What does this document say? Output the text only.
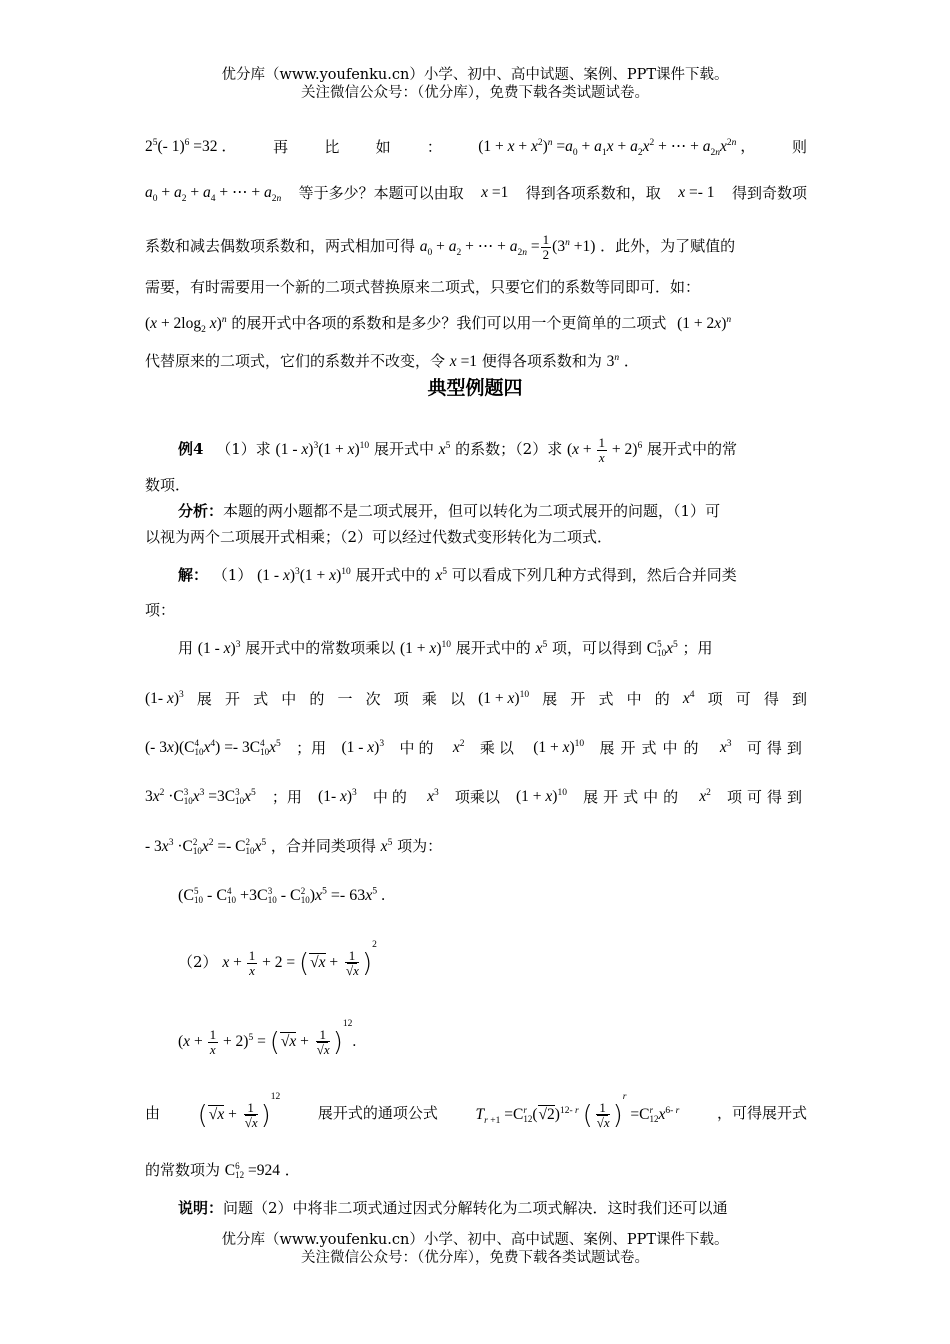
优分库（www.youfenku.cn）小学、初中、高中试题、案例、PPT课件下载。
关注微信公众号：（优分库），免费下载各类试题试卷。
$2^5(-$ 1)$^6$ =32 ． 再 比 如 ： $(1 + x + x^2)^n =a_0 + a_1x + a_2x^2$ + ⋯ + $a_{2n}x^{2n}$ ， 则
$a_0 + a_2 + a_4$ + ⋯ + $a_{2n}$ 等于多少？本题可以由取 x =1 得到各项系数和，取 x =- 1 得到奇数项
系数和减去偶数项系数和，两式相加可得 $a_0 + a_2$ + ⋯ + $a_{2n} = \frac{1}{2} (3^n +1)$ ．此外，为了赋值的
需要，有时需要用一个新的二项式替换原来二项式，只要它们的系数等同即可．如：
($x + 2\log_2$ x)$^n$ 的展开式中各项的系数和是多少？我们可以用一个更简单的二项式 $(1 + 2x)^n$
代替原来的二项式，它们的系数并不改变，令 x =1 便得各项系数和为 3$^n$ ．
典型例题四
例4 （1）求 $(1 - x)^3(1 + x)^{10}$ 展开式中 $x^5$ 的系数；（2）求 $(x + \frac{1}{x} + 2)^6$ 展开式中的常
数项．
分析：本题的两小题都不是二项式展开，但可以转化为二项式展开的问题，（1）可
以视为两个二项展开式相乘；（2）可以经过代数式变形转化为二项式．
解： （1） $(1 - x)^3(1 + x)^{10}$ 展开式中的 $x^5$ 可以看成下列几种方式得到，然后合并同类
项：
用 (1 - x)$^3$ 展开式中的常数项乘以 $(1 + x)^{10}$ 展开式中的 $x^5$ 项，可以得到 C 5
10 $x^5$ ；用
(1- x)$^3$ 展 开 式 中 的 一 次 项 乘 以 $(1 + x)^{10}$ 展 开 式 中 的 $x^4$ 项 可 得 到
(- 3x)(C 4
10 $x^4) =- 3C$ 4
10 $x^5$ ；用 (1 - x)$^3$ 中的 $x^2$ 乘以 $(1 + x)^{10}$ 展开式中的 $x^3$ 可得到
$3x^2 \cdot C$ 3
10 $x^3 =3C$ 3
10 $x^5$ ；用 (1- x)$^3$ 中的 $x^3$ 项乘以 $(1 + x)^{10}$ 展开式中的 $x^2$ 项可得到
- $3x^3 \cdot C$ 2
10 $x^2 =- C$ 2
10 $x^5$ ，合并同类项得 $x^5$ 项为：
(C 5
10 - C 4
10 +3C 3
10 - C 2
10 )$x^5 =- 63x^5$ .
（2） $x + \frac{1}{x} + 2 = (√x + \frac{1}{√x} )^2$
$(x + \frac{1}{x} + 2)^5 = (√x + \frac{1}{√x} )^{12}$.
由 $(√x + \frac{1}{√x} )^{12}$
展开式的通项公式 $T_{r +1} =C$ r
12 $(√2)^{12- r}$ ( $\frac{1}{√x} )^r =C$ r
12 $x^{6- r}$	，可得展开式
的常数项为 C 6
12 =924 ．
说明：问题（2）中将非二项式通过因式分解转化为二项式解决．这时我们还可以通
优分库（www.youfenku.cn）小学、初中、高中试题、案例、PPT课件下载。
关注微信公众号：（优分库），免费下载各类试题试卷。
